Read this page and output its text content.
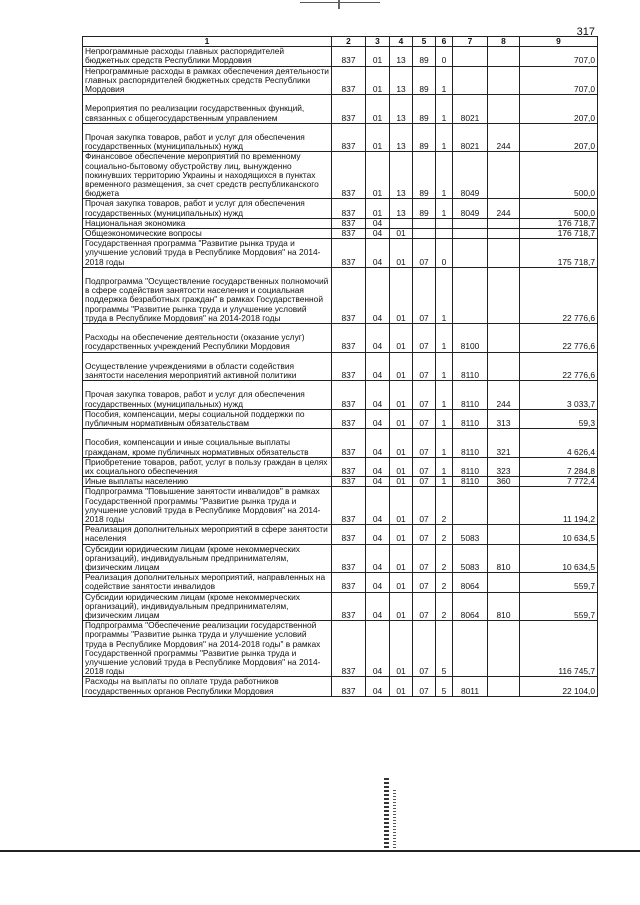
317
1	2	3	4	5	6	7	8	9
Непрограммные расходы главных распорядителей бюджетных средств Республики Мордовия	837	01	13	89	0			707,0
Непрограммные расходы в рамках обеспечения деятельности главных распорядителей бюджетных средств Республики Мордовия	837	01	13	89	1			707,0
Мероприятия по реализации государственных функций, связанных с общегосударственным управлением	837	01	13	89	1	8021		207,0
Прочая закупка товаров, работ и услуг для обеспечения государственных (муниципальных) нужд	837	01	13	89	1	8021	244	207,0
Финансовое обеспечение мероприятий по временному социально-бытовому обустройству лиц, вынужденно покинувших территорию Украины и находящихся в пунктах временного размещения, за счет средств республиканского бюджета	837	01	13	89	1	8049		500,0
Прочая закупка товаров, работ и услуг для обеспечения государственных (муниципальных) нужд	837	01	13	89	1	8049	244	500,0
Национальная экономика	837	04						176 718,7
Общеэкономические вопросы	837	04	01					176 718,7
Государственная программа "Развитие рынка труда и улучшение условий труда в Республике Мордовия" на 2014-2018 годы	837	04	01	07	0			175 718,7
Подпрограмма "Осуществление государственных полномочий в сфере содействия занятости населения и социальная поддержка безработных граждан" в рамках Государственной программы "Развитие рынка труда и улучшение условий труда в Республике Мордовия" на 2014-2018 годы	837	04	01	07	1			22 776,6
Расходы на обеспечение деятельности (оказание услуг) государственных учреждений Республики Мордовия	837	04	01	07	1	8100		22 776,6
Осуществление учреждениями в области содействия занятости населения мероприятий активной политики	837	04	01	07	1	8110		22 776,6
Прочая закупка товаров, работ и услуг для обеспечения государственных (муниципальных) нужд	837	04	01	07	1	8110	244	3 033,7
Пособия, компенсации, меры социальной поддержки по публичным нормативным обязательствам	837	04	01	07	1	8110	313	59,3
Пособия, компенсации и иные социальные выплаты гражданам, кроме публичных нормативных обязательств	837	04	01	07	1	8110	321	4 626,4
Приобретение товаров, работ, услуг в пользу граждан в целях их социального обеспечения	837	04	01	07	1	8110	323	7 284,8
Иные выплаты населению	837	04	01	07	1	8110	360	7 772,4
Подпрограмма "Повышение занятости инвалидов" в рамках Государственной программы "Развитие рынка труда и улучшение условий труда в Республике Мордовия" на 2014-2018 годы	837	04	01	07	2			11 194,2
Реализация дополнительных мероприятий в сфере занятости населения	837	04	01	07	2	5083		10 634,5
Субсидии юридическим лицам (кроме некоммерческих организаций), индивидуальным предпринимателям, физическим лицам	837	04	01	07	2	5083	810	10 634,5
Реализация дополнительных мероприятий, направленных на содействие занятости инвалидов	837	04	01	07	2	8064		559,7
Субсидии юридическим лицам (кроме некоммерческих организаций), индивидуальным предпринимателям, физическим лицам	837	04	01	07	2	8064	810	559,7
Подпрограмма "Обеспечение реализации государственной программы "Развитие рынка труда и улучшение условий труда в Республике Мордовия" на 2014-2018 годы" в рамках Государственной программы "Развитие рынка труда и улучшение условий труда в Республике Мордовия" на 2014-2018 годы	837	04	01	07	5			116 745,7
Расходы на выплаты по оплате труда работников государственных органов Республики Мордовия	837	04	01	07	5	8011		22 104,0
